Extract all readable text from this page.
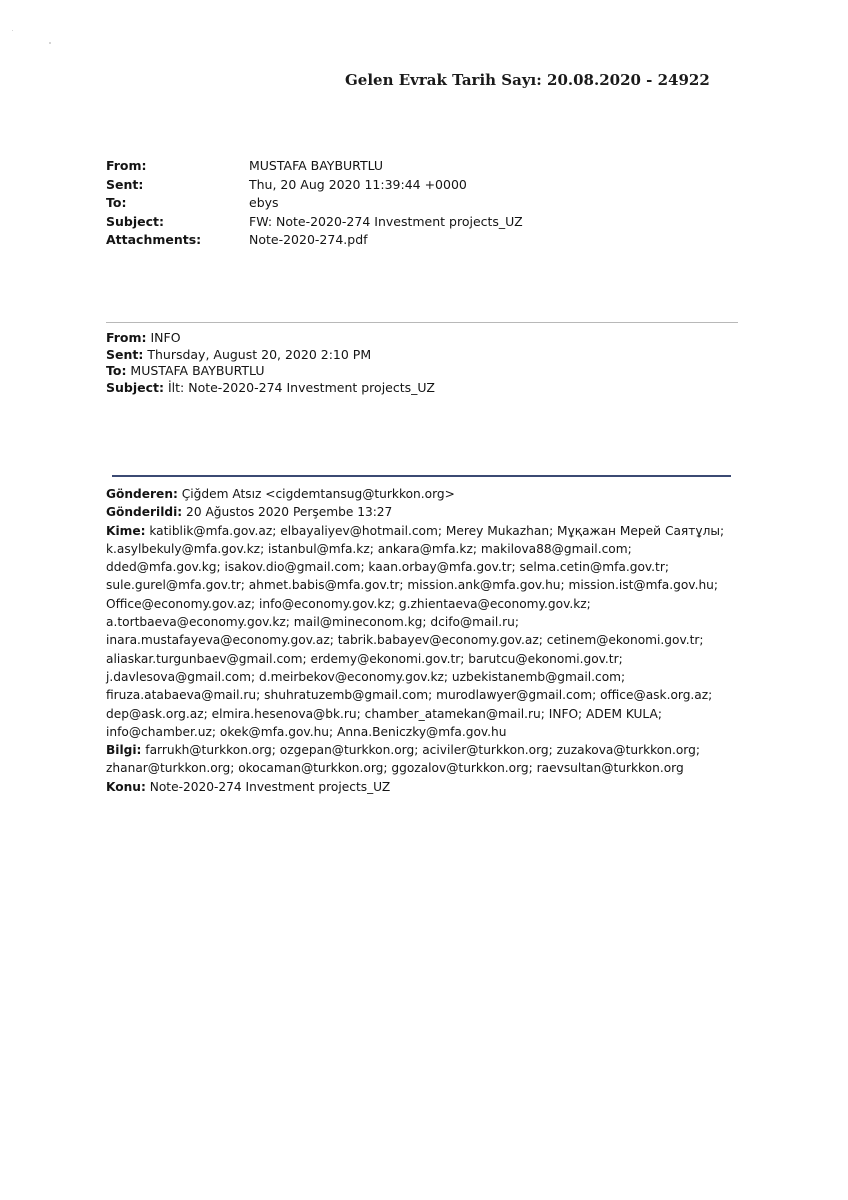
Gelen Evrak Tarih Sayı: 20.08.2020 - 24922
From:	MUSTAFA BAYBURTLU
Sent:	Thu, 20 Aug 2020 11:39:44 +0000
To:	ebys
Subject:	FW: Note-2020-274 Investment projects_UZ
Attachments:	Note-2020-274.pdf
From: INFO
Sent: Thursday, August 20, 2020 2:10 PM
To: MUSTAFA BAYBURTLU
Subject: İlt: Note-2020-274 Investment projects_UZ
Gönderen: Çiğdem Atsız <cigdemtansug@turkkon.org>
Gönderildi: 20 Ağustos 2020 Perşembe 13:27
Kime: katiblik@mfa.gov.az; elbayaliyev@hotmail.com; Merey Mukazhan; Мұқажан Мерей Саятұлы;
k.asylbekuly@mfa.gov.kz; istanbul@mfa.kz; ankara@mfa.kz; makilova88@gmail.com;
dded@mfa.gov.kg; isakov.dio@gmail.com; kaan.orbay@mfa.gov.tr; selma.cetin@mfa.gov.tr;
sule.gurel@mfa.gov.tr; ahmet.babis@mfa.gov.tr; mission.ank@mfa.gov.hu; mission.ist@mfa.gov.hu;
Office@economy.gov.az; info@economy.gov.kz; g.zhientaeva@economy.gov.kz;
a.tortbaeva@economy.gov.kz; mail@mineconom.kg; dcifo@mail.ru;
inara.mustafayeva@economy.gov.az; tabrik.babayev@economy.gov.az; cetinem@ekonomi.gov.tr;
aliaskar.turgunbaev@gmail.com; erdemy@ekonomi.gov.tr; barutcu@ekonomi.gov.tr;
j.davlesova@gmail.com; d.meirbekov@economy.gov.kz; uzbekistanemb@gmail.com;
firuza.atabaeva@mail.ru; shuhratuzemb@gmail.com; murodlawyer@gmail.com; office@ask.org.az;
dep@ask.org.az; elmira.hesenova@bk.ru; chamber_atamekan@mail.ru; INFO; ADEM KULA;
info@chamber.uz; okek@mfa.gov.hu; Anna.Beniczky@mfa.gov.hu
Bilgi: farrukh@turkkon.org; ozgepan@turkkon.org; aciviler@turkkon.org; zuzakova@turkkon.org;
zhanar@turkkon.org; okocaman@turkkon.org; ggozalov@turkkon.org; raevsultan@turkkon.org
Konu: Note-2020-274 Investment projects_UZ
